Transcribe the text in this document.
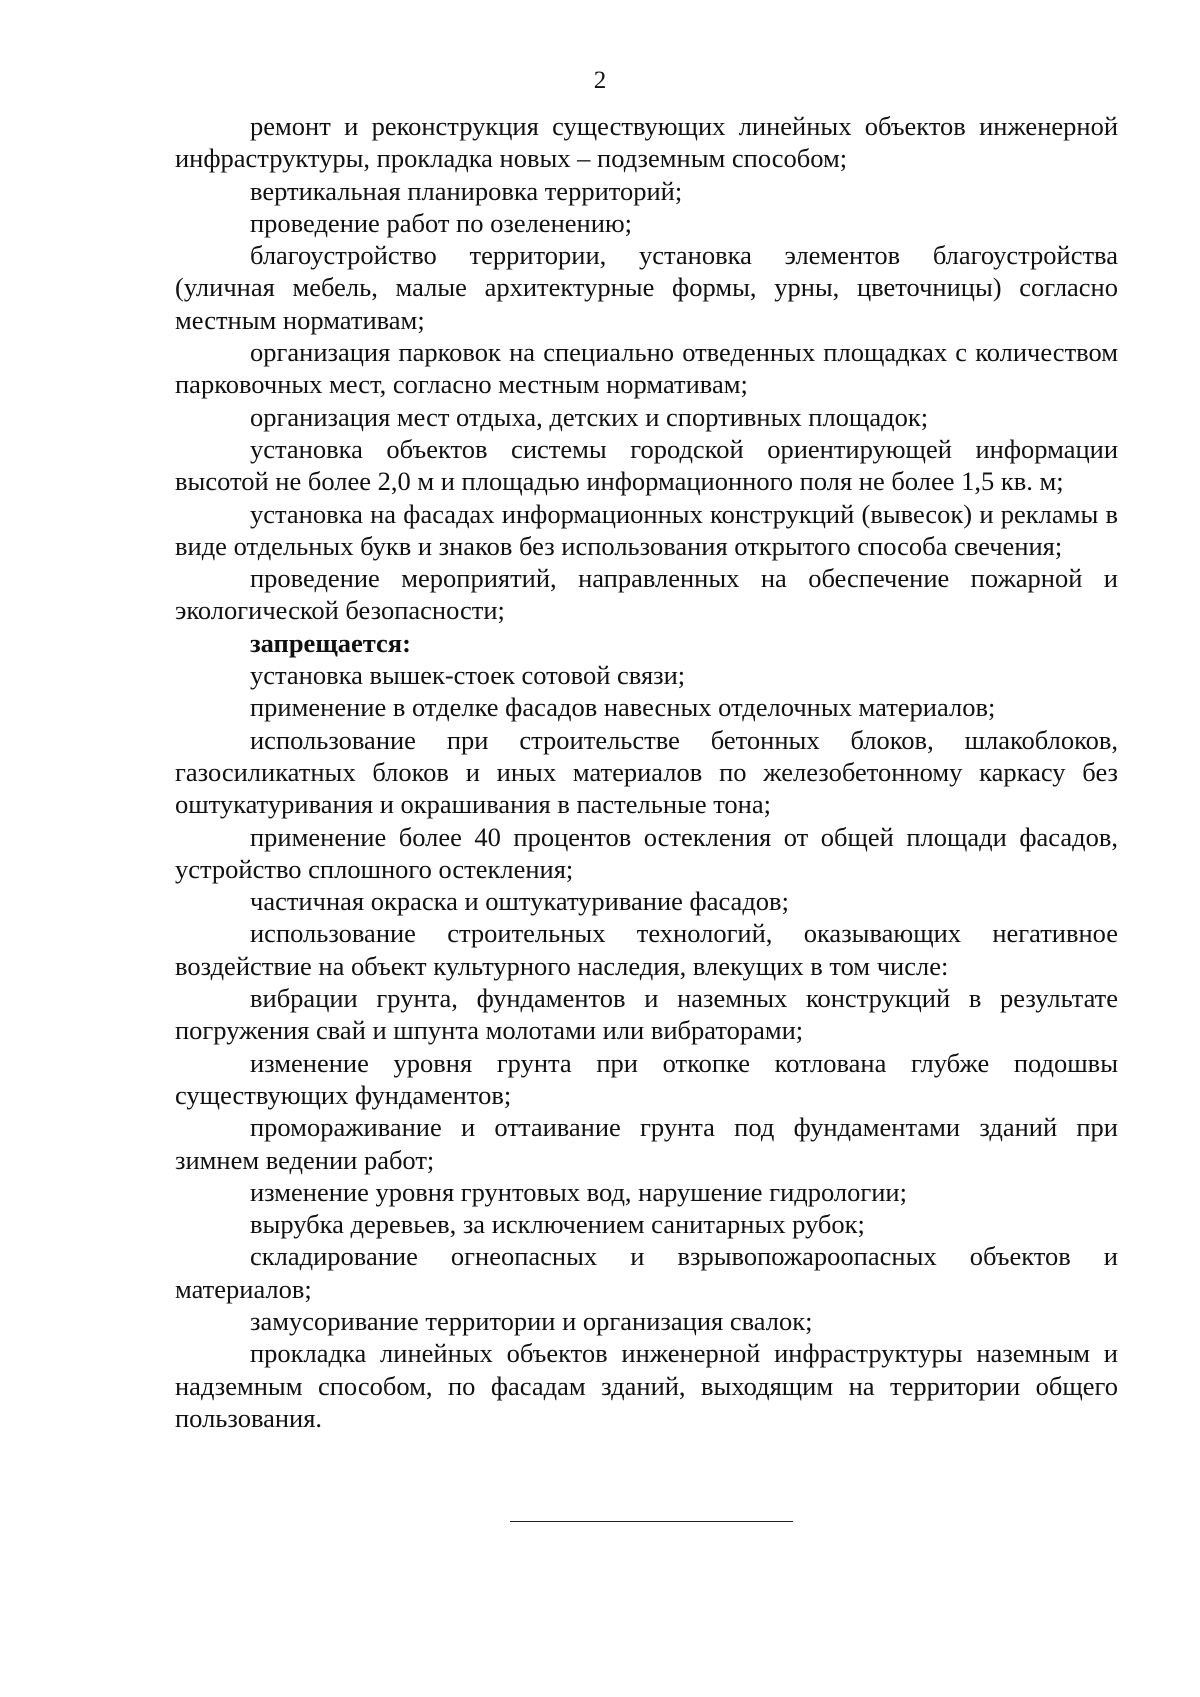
2

ремонт и реконструкция существующих линейных объектов инженерной инфраструктуры, прокладка новых – подземным способом;

вертикальная планировка территорий;

проведение работ по озеленению;

благоустройство территории, установка элементов благоустройства (уличная мебель, малые архитектурные формы, урны, цветочницы) согласно местным нормативам;

организация парковок на специально отведенных площадках с количеством парковочных мест, согласно местным нормативам;

организация мест отдыха, детских и спортивных площадок;

установка объектов системы городской ориентирующей информации высотой не более 2,0 м и площадью информационного поля не более 1,5 кв. м;

установка на фасадах информационных конструкций (вывесок) и рекламы в виде отдельных букв и знаков без использования открытого способа свечения;

проведение мероприятий, направленных на обеспечение пожарной и экологической безопасности;

запрещается:

установка вышек-стоек сотовой связи;

применение в отделке фасадов навесных отделочных материалов;

использование при строительстве бетонных блоков, шлакоблоков, газосиликатных блоков и иных материалов по железобетонному каркасу без оштукатуривания и окрашивания в пастельные тона;

применение более 40 процентов остекления от общей площади фасадов, устройство сплошного остекления;

частичная окраска и оштукатуривание фасадов;

использование строительных технологий, оказывающих негативное воздействие на объект культурного наследия, влекущих в том числе:

вибрации грунта, фундаментов и наземных конструкций в результате погружения свай и шпунта молотами или вибраторами;

изменение уровня грунта при откопке котлована глубже подошвы существующих фундаментов;

промораживание и оттаивание грунта под фундаментами зданий при зимнем ведении работ;

изменение уровня грунтовых вод, нарушение гидрологии;

вырубка деревьев, за исключением санитарных рубок;

складирование огнеопасных и взрывопожароопасных объектов и материалов;

замусоривание территории и организация свалок;

прокладка линейных объектов инженерной инфраструктуры наземным и надземным способом, по фасадам зданий, выходящим на территории общего пользования.
